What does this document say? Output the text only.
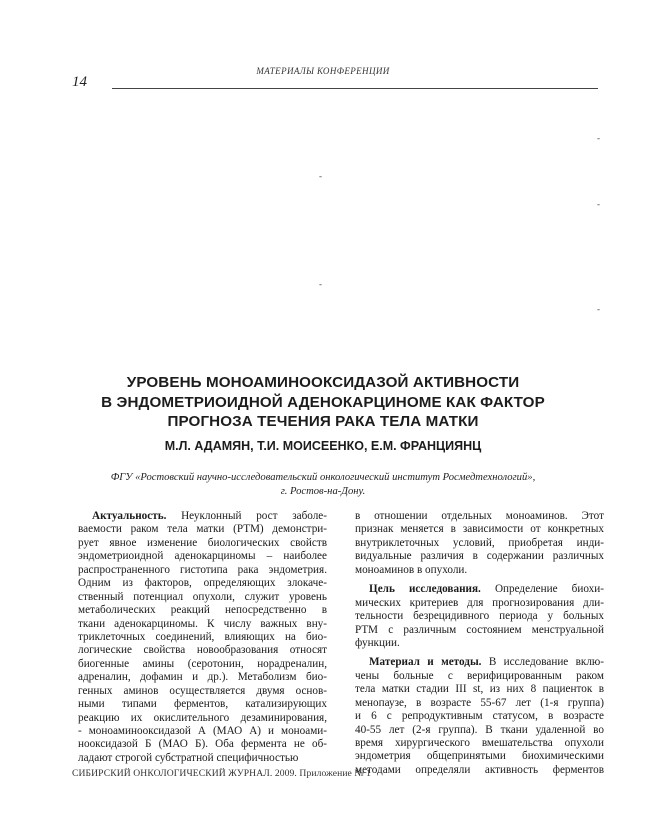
МАТЕРИАЛЫ КОНФЕРЕНЦИИ
14
-
-
-
-
-
УРОВЕНЬ МОНОАМИНООКСИДАЗОЙ АКТИВНОСТИ
В ЭНДОМЕТРИОИДНОЙ АДЕНОКАРЦИНОМЕ КАК ФАКТОР
ПРОГНОЗА ТЕЧЕНИЯ РАКА ТЕЛА МАТКИ
М.Л. АДАМЯН, Т.И. МОИСЕЕНКО, Е.М. ФРАНЦИЯНЦ
ФГУ «Ростовский научно-исследовательский онкологический институт Росмедтехнологий»,
г. Ростов-на-Дону.
Актуальность. Неуклонный рост заболе-
ваемости раком тела матки (РТМ) демонстри-
рует явное изменение биологических свойств
эндометриоидной аденокарциномы – наиболее
распространенного гистотипа рака эндометрия.
Одним из факторов, определяющих злокаче-
ственный потенциал опухоли, служит уровень
метаболических реакций непосредственно в
ткани аденокарциномы. К числу важных вну-
триклеточных соединений, влияющих на био-
логические свойства новообразования относят
биогенные амины (серотонин, норадреналин,
адреналин, дофамин и др.). Метаболизм био-
генных аминов осуществляется двумя основ-
ными типами ферментов, катализирующих
реакцию их окислительного дезаминирования,
- моноаминооксидазой А (МАО А) и моноами-
нооксидазой Б (МАО Б). Оба фермента не об-
ладают строгой субстратной специфичностью
в отношении отдельных моноаминов. Этот
признак меняется в зависимости от конкретных
внутриклеточных условий, приобретая инди-
видуальные различия в содержании различных
моноаминов в опухоли.
Цель исследования. Определение биохи-
мических критериев для прогнозирования дли-
тельности безрецидивного периода у больных
РТМ с различным состоянием менструальной
функции.
Материал и методы. В исследование вклю-
чены больные с верифицированным раком
тела матки стадии III st, из них 8 пациенток в
менопаузе, в возрасте 55-67 лет (1-я группа)
и 6 с репродуктивным статусом, в возрасте
40-55 лет (2-я группа). В ткани удаленной во
время хирургического вмешательства опухоли
эндометрия общепринятыми биохимическими
методами определяли активность ферментов
СИБИРСКИЙ ОНКОЛОГИЧЕСКИЙ ЖУРНАЛ. 2009. Приложение № 1
